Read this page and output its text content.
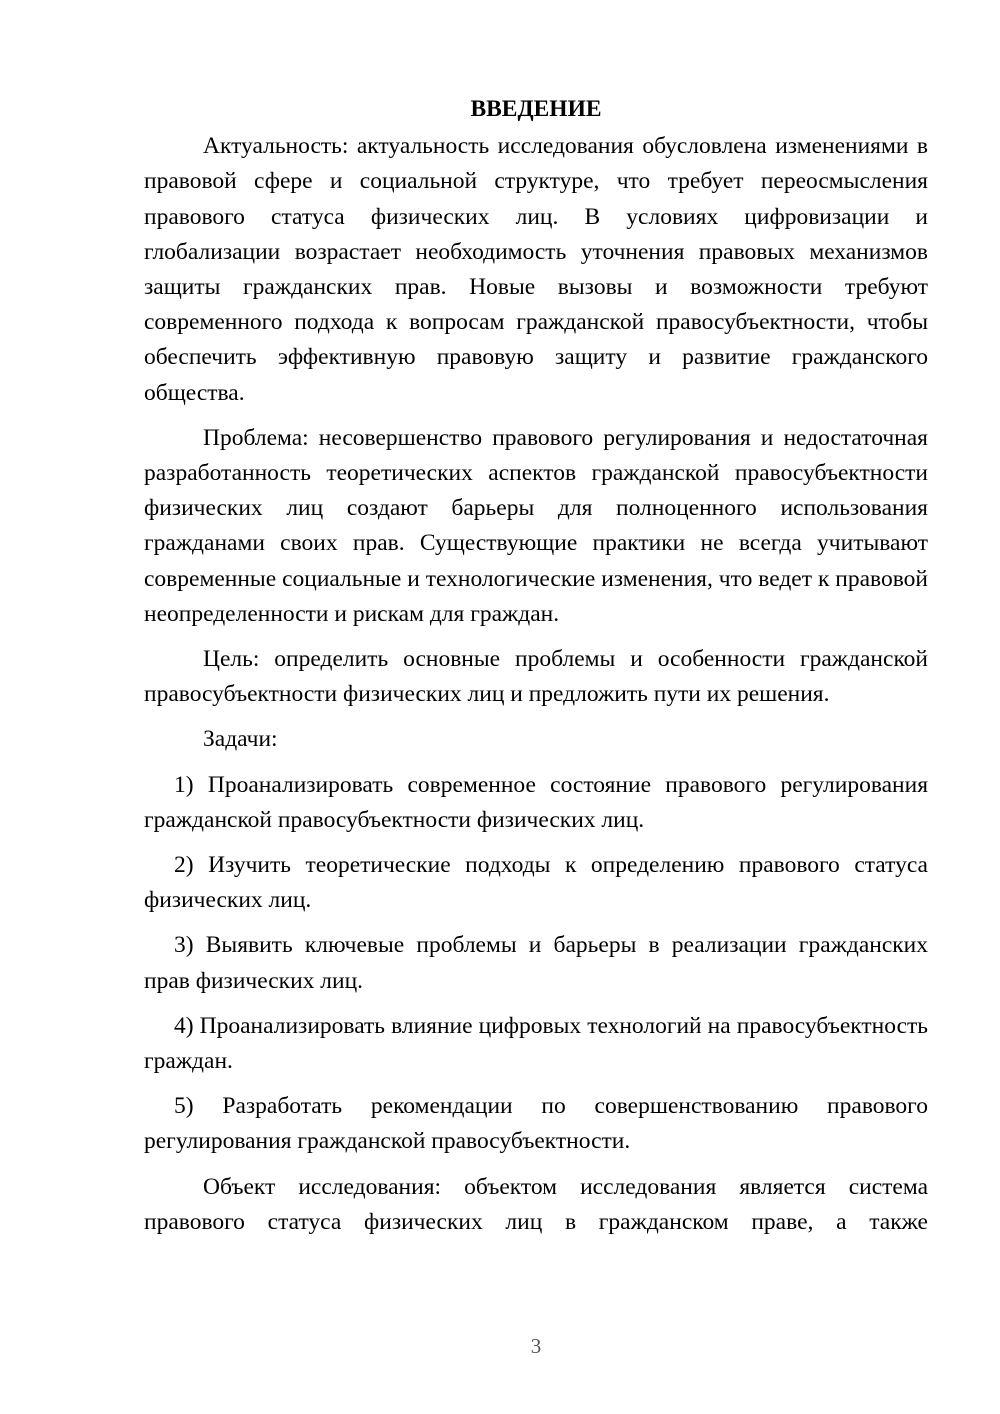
ВВЕДЕНИЕ

Актуальность: актуальность исследования обусловлена изменениями в правовой сфере и социальной структуре, что требует переосмысления правового статуса физических лиц. В условиях цифровизации и глобализации возрастает необходимость уточнения правовых механизмов защиты гражданских прав. Новые вызовы и возможности требуют современного подхода к вопросам гражданской правосубъектности, чтобы обеспечить эффективную правовую защиту и развитие гражданского общества.

Проблема: несовершенство правового регулирования и недостаточная разработанность теоретических аспектов гражданской правосубъектности физических лиц создают барьеры для полноценного использования гражданами своих прав. Существующие практики не всегда учитывают современные социальные и технологические изменения, что ведет к правовой неопределенности и рискам для граждан.

Цель: определить основные проблемы и особенности гражданской правосубъектности физических лиц и предложить пути их решения.

Задачи:

1) Проанализировать современное состояние правового регулирования гражданской правосубъектности физических лиц.

2) Изучить теоретические подходы к определению правового статуса физических лиц.

3) Выявить ключевые проблемы и барьеры в реализации гражданских прав физических лиц.

4) Проанализировать влияние цифровых технологий на правосубъектность граждан.

5) Разработать рекомендации по совершенствованию правового регулирования гражданской правосубъектности.

Объект исследования: объектом исследования является система правового статуса физических лиц в гражданском праве, а также

3
